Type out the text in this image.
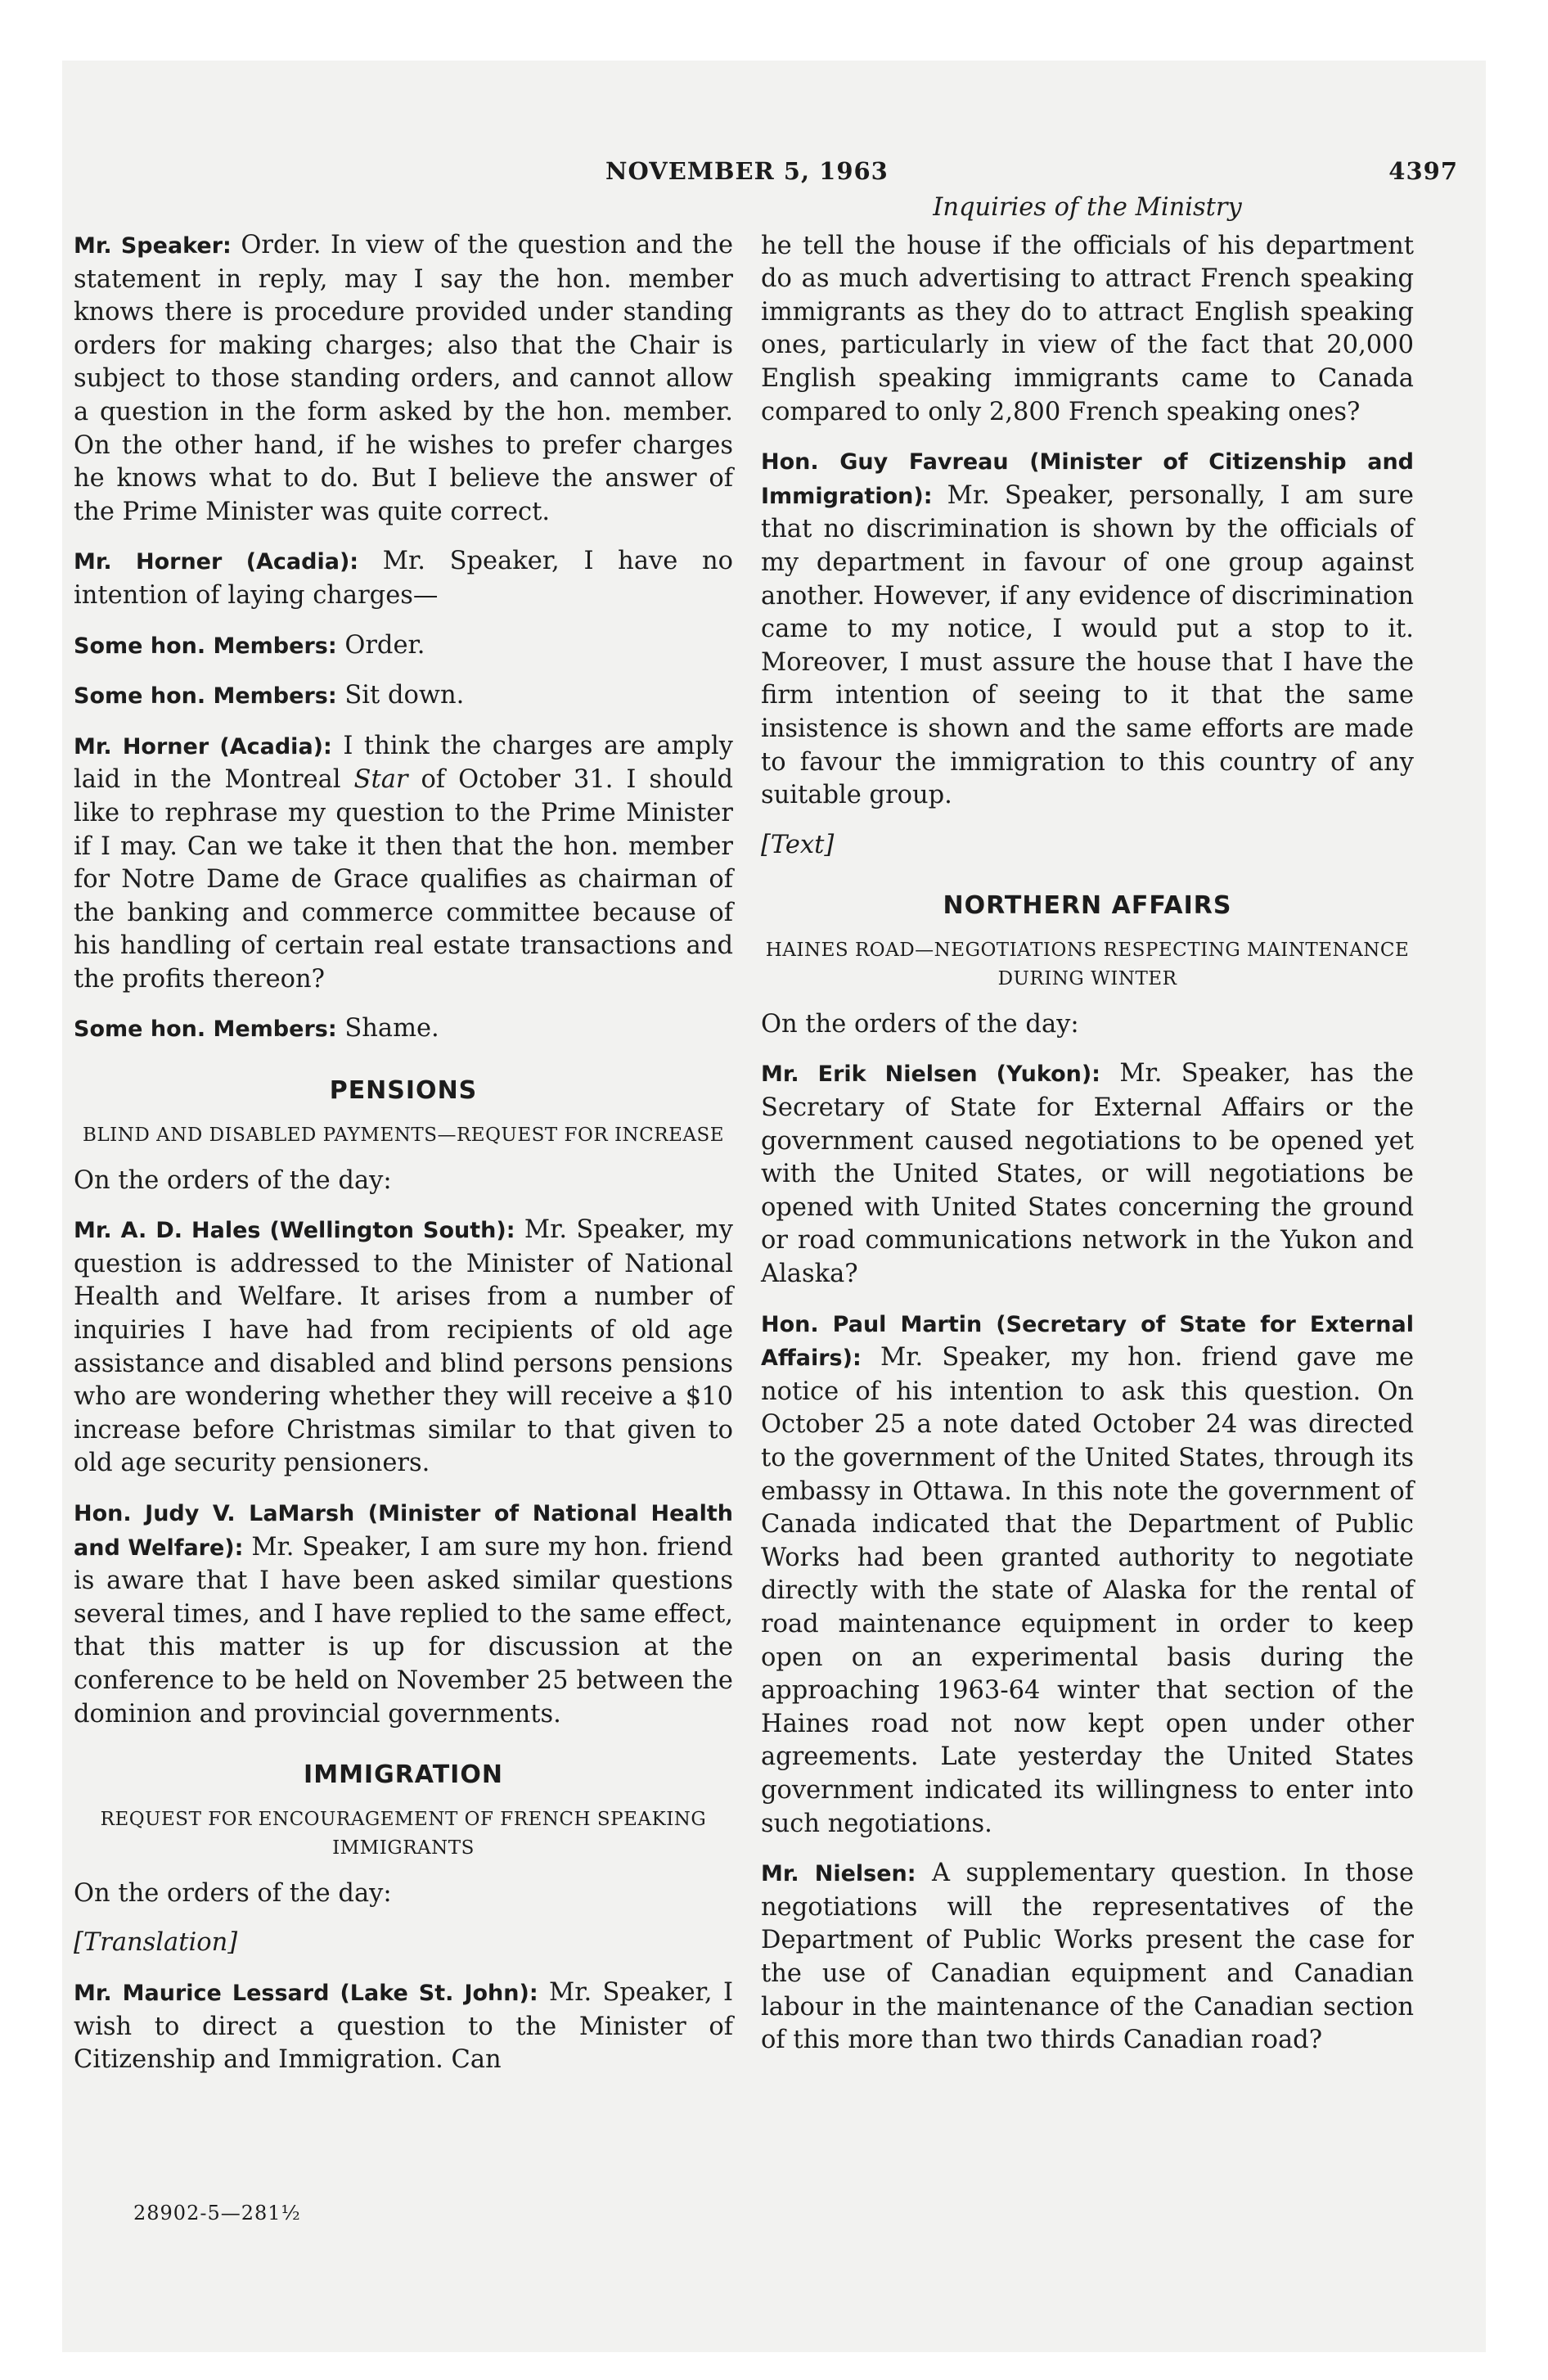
NOVEMBER 5, 1963	4397

Mr. Speaker: Order. In view of the question and the statement in reply, may I say the hon. member knows there is procedure provided under standing orders for making charges; also that the Chair is subject to those standing orders, and cannot allow a question in the form asked by the hon. member. On the other hand, if he wishes to prefer charges he knows what to do. But I believe the answer of the Prime Minister was quite correct.

Mr. Horner (Acadia): Mr. Speaker, I have no intention of laying charges—

Some hon. Members: Order.

Some hon. Members: Sit down.

Mr. Horner (Acadia): I think the charges are amply laid in the Montreal Star of October 31. I should like to rephrase my question to the Prime Minister if I may. Can we take it then that the hon. member for Notre Dame de Grace qualifies as chairman of the banking and commerce committee because of his handling of certain real estate transactions and the profits thereon?

Some hon. Members: Shame.

PENSIONS
BLIND AND DISABLED PAYMENTS—REQUEST FOR INCREASE

On the orders of the day:

Mr. A. D. Hales (Wellington South): Mr. Speaker, my question is addressed to the Minister of National Health and Welfare. It arises from a number of inquiries I have had from recipients of old age assistance and disabled and blind persons pensions who are wondering whether they will receive a $10 increase before Christmas similar to that given to old age security pensioners.

Hon. Judy V. LaMarsh (Minister of National Health and Welfare): Mr. Speaker, I am sure my hon. friend is aware that I have been asked similar questions several times, and I have replied to the same effect, that this matter is up for discussion at the conference to be held on November 25 between the dominion and provincial governments.

IMMIGRATION
REQUEST FOR ENCOURAGEMENT OF FRENCH SPEAKING IMMIGRANTS

On the orders of the day:

[Translation]

Mr. Maurice Lessard (Lake St. John): Mr. Speaker, I wish to direct a question to the Minister of Citizenship and Immigration. Can

Inquiries of the Ministry

he tell the house if the officials of his department do as much advertising to attract French speaking immigrants as they do to attract English speaking ones, particularly in view of the fact that 20,000 English speaking immigrants came to Canada compared to only 2,800 French speaking ones?

Hon. Guy Favreau (Minister of Citizenship and Immigration): Mr. Speaker, personally, I am sure that no discrimination is shown by the officials of my department in favour of one group against another. However, if any evidence of discrimination came to my notice, I would put a stop to it. Moreover, I must assure the house that I have the firm intention of seeing to it that the same insistence is shown and the same efforts are made to favour the immigration to this country of any suitable group.

[Text]

NORTHERN AFFAIRS
HAINES ROAD—NEGOTIATIONS RESPECTING MAINTENANCE DURING WINTER

On the orders of the day:

Mr. Erik Nielsen (Yukon): Mr. Speaker, has the Secretary of State for External Affairs or the government caused negotiations to be opened yet with the United States, or will negotiations be opened with United States concerning the ground or road communications network in the Yukon and Alaska?

Hon. Paul Martin (Secretary of State for External Affairs): Mr. Speaker, my hon. friend gave me notice of his intention to ask this question. On October 25 a note dated October 24 was directed to the government of the United States, through its embassy in Ottawa. In this note the government of Canada indicated that the Department of Public Works had been granted authority to negotiate directly with the state of Alaska for the rental of road maintenance equipment in order to keep open on an experimental basis during the approaching 1963-64 winter that section of the Haines road not now kept open under other agreements. Late yesterday the United States government indicated its willingness to enter into such negotiations.

Mr. Nielsen: A supplementary question. In those negotiations will the representatives of the Department of Public Works present the case for the use of Canadian equipment and Canadian labour in the maintenance of the Canadian section of this more than two thirds Canadian road?

28902-5—281½
